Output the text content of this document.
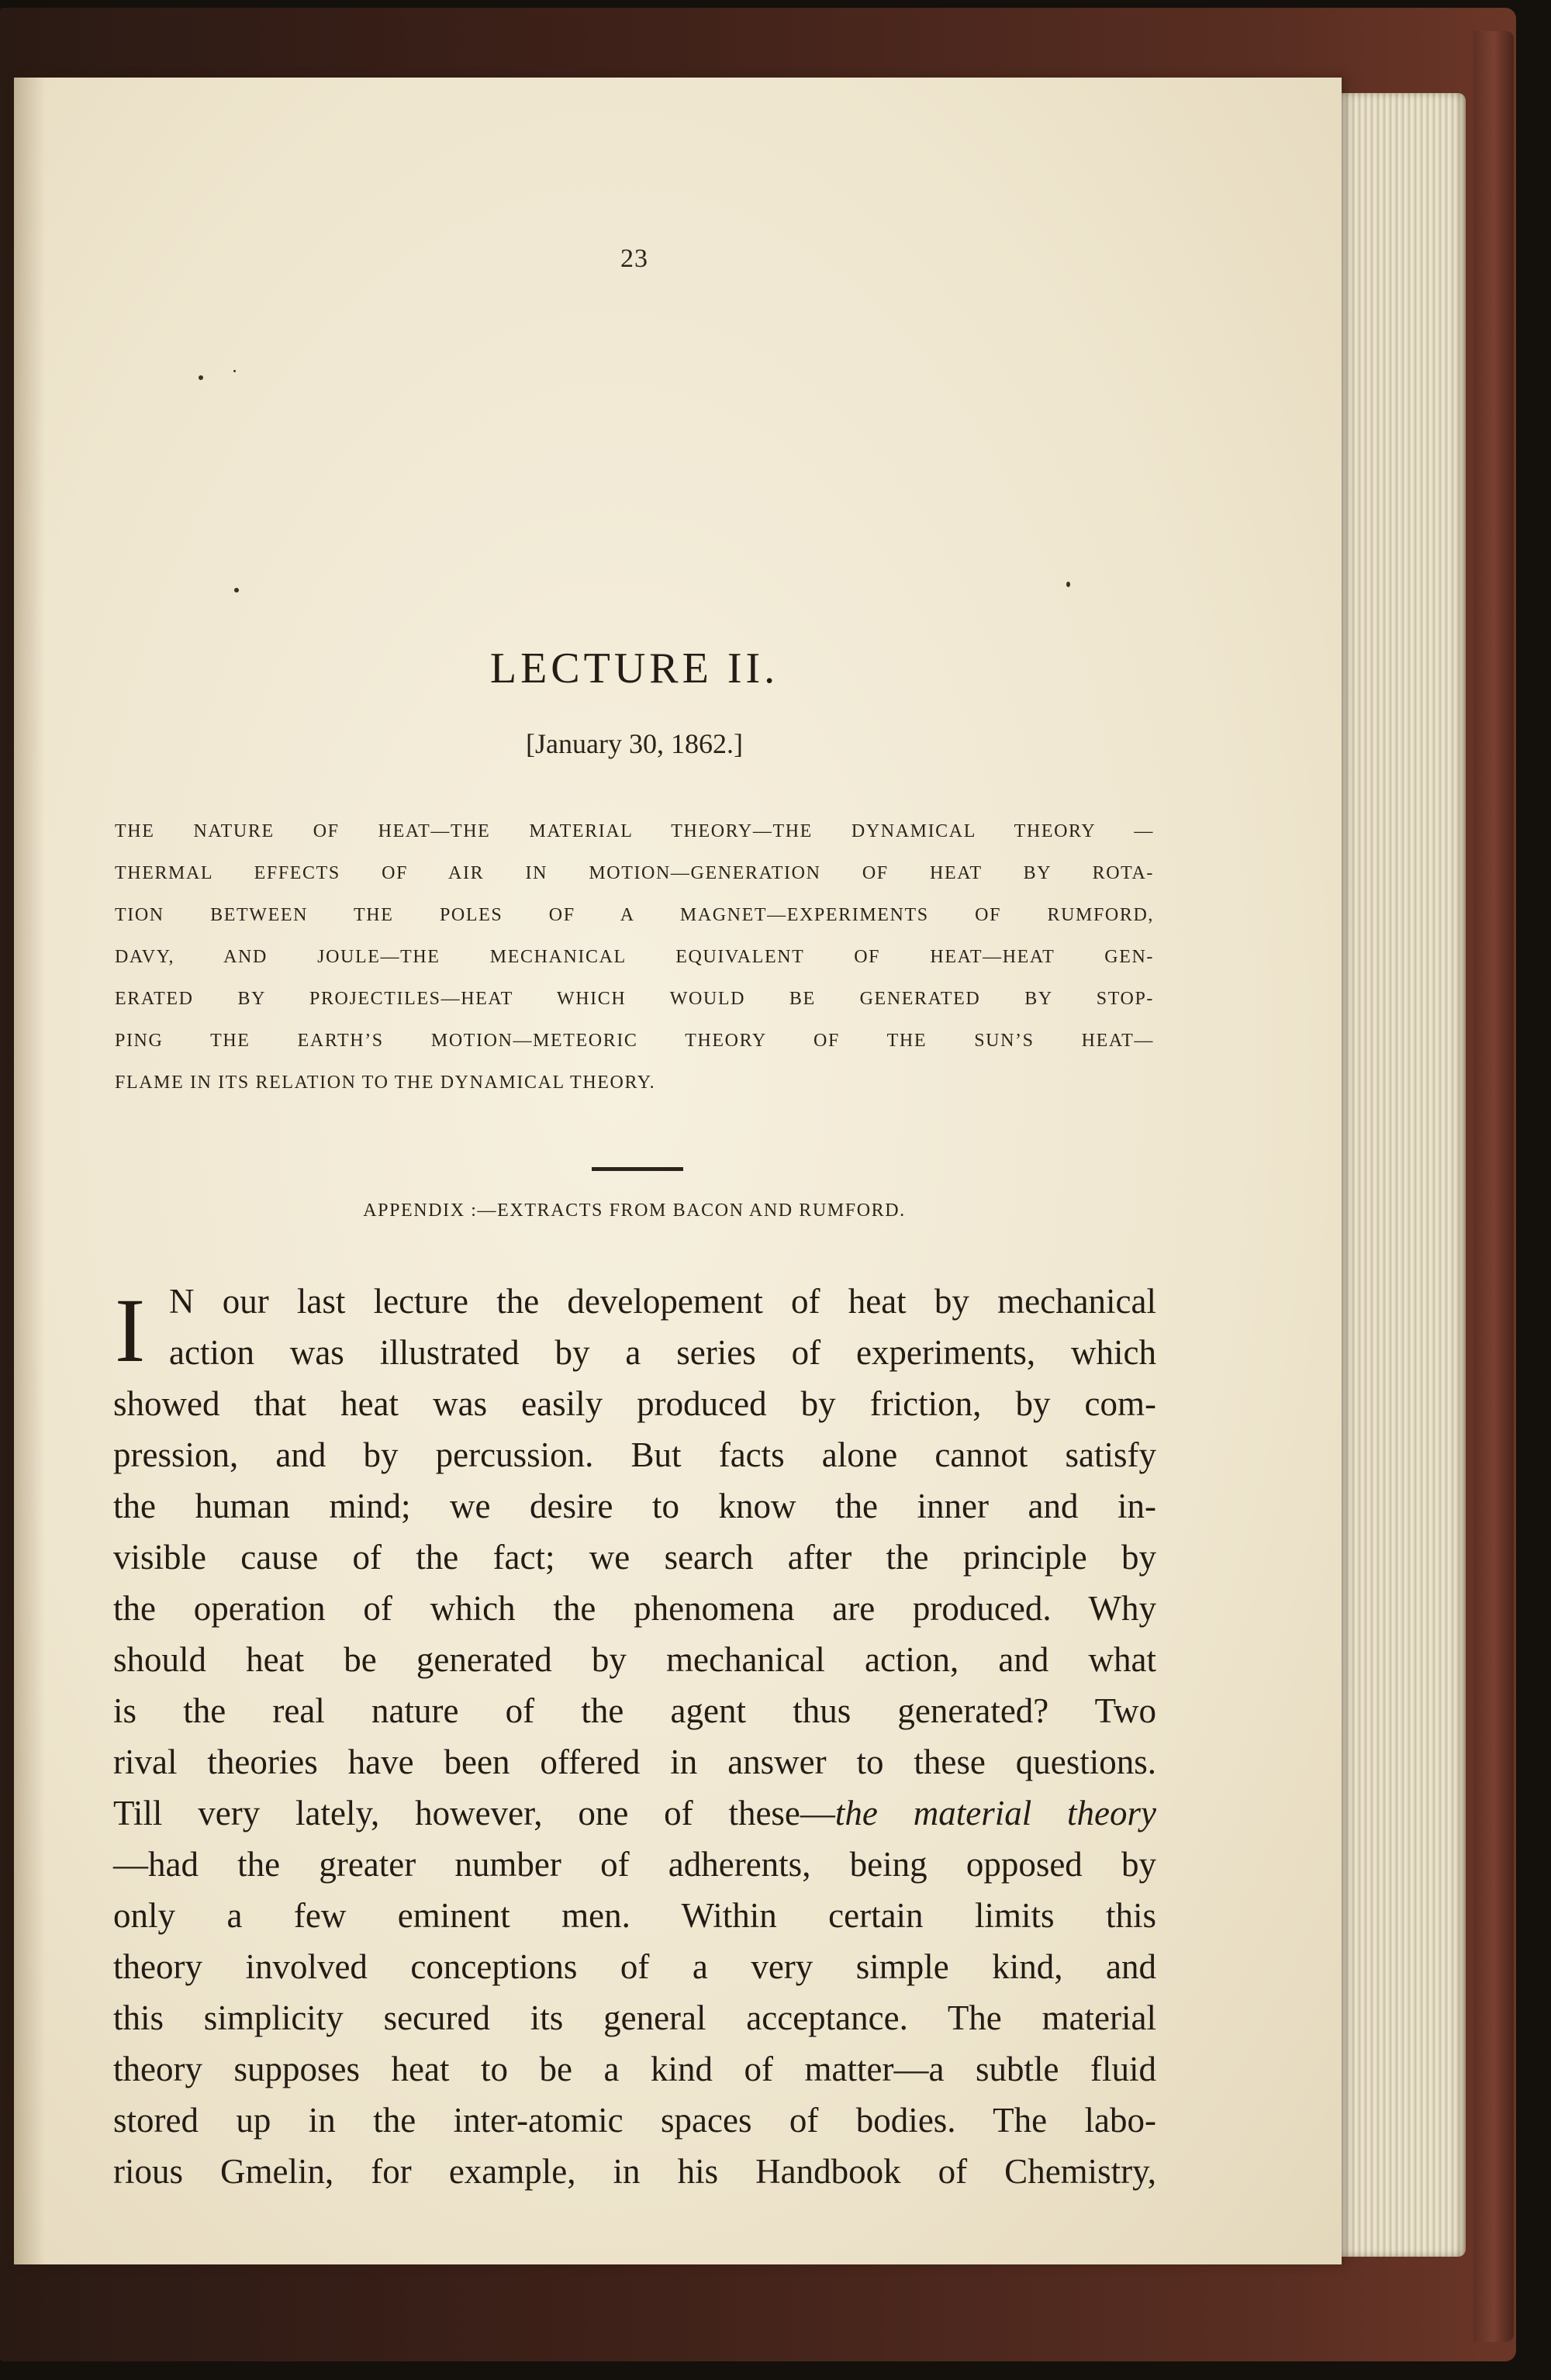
23
LECTURE II.
[January 30, 1862.]
THE NATURE OF HEAT—THE MATERIAL THEORY—THE DYNAMICAL THEORY —
THERMAL EFFECTS OF AIR IN MOTION—GENERATION OF HEAT BY ROTA-
TION BETWEEN THE POLES OF A MAGNET—EXPERIMENTS OF RUMFORD,
DAVY, AND JOULE—THE MECHANICAL EQUIVALENT OF HEAT—HEAT GEN-
ERATED BY PROJECTILES—HEAT WHICH WOULD BE GENERATED BY STOP-
PING THE EARTH’S MOTION—METEORIC THEORY OF THE SUN’S HEAT—
FLAME IN ITS RELATION TO THE DYNAMICAL THEORY.
APPENDIX :—EXTRACTS FROM BACON AND RUMFORD.
I N our last lecture the developement of heat by mechanical
action was illustrated by a series of experiments, which
showed that heat was easily produced by friction, by com-
pression, and by percussion. But facts alone cannot satisfy
the human mind; we desire to know the inner and in-
visible cause of the fact; we search after the principle by
the operation of which the phenomena are produced. Why
should heat be generated by mechanical action, and what
is the real nature of the agent thus generated? Two
rival theories have been offered in answer to these questions.
Till very lately, however, one of these—the material theory
—had the greater number of adherents, being opposed by
only a few eminent men. Within certain limits this
theory involved conceptions of a very simple kind, and
this simplicity secured its general acceptance. The material
theory supposes heat to be a kind of matter—a subtle fluid
stored up in the inter-atomic spaces of bodies. The labo-
rious Gmelin, for example, in his Handbook of Chemistry,
